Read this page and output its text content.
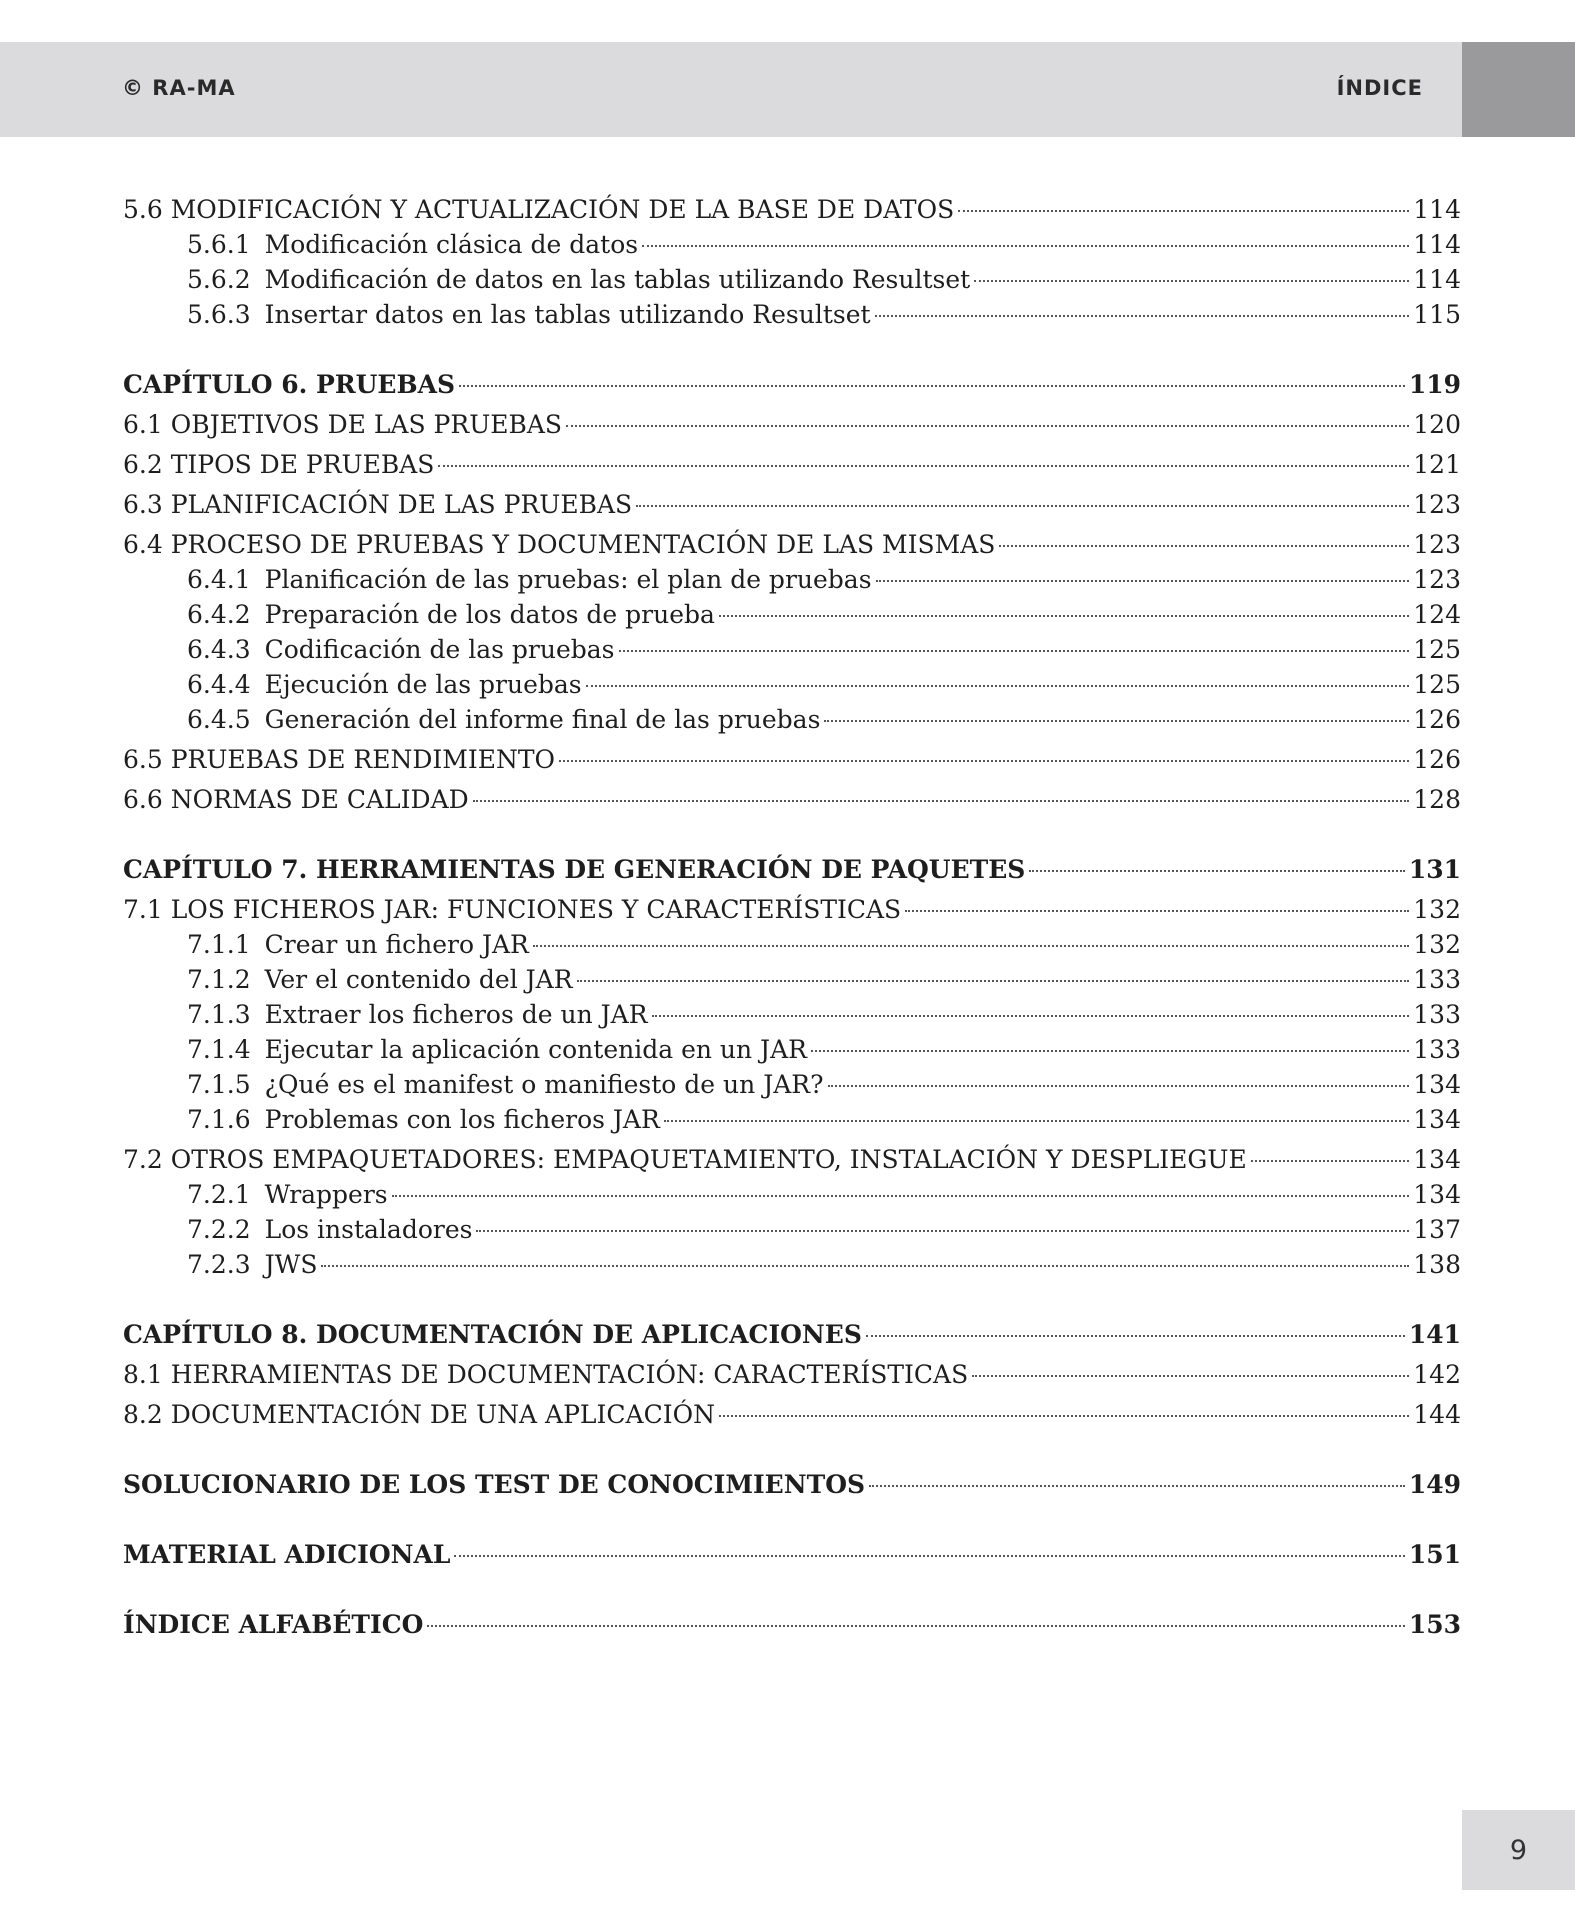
© RA-MA	ÍNDICE
5.6 MODIFICACIÓN Y ACTUALIZACIÓN DE LA BASE DE DATOS	114
5.6.1 Modificación clásica de datos	114
5.6.2 Modificación de datos en las tablas utilizando Resultset	114
5.6.3 Insertar datos en las tablas utilizando Resultset	115
CAPÍTULO 6. PRUEBAS	119
6.1 OBJETIVOS DE LAS PRUEBAS	120
6.2 TIPOS DE PRUEBAS	121
6.3 PLANIFICACIÓN DE LAS PRUEBAS	123
6.4 PROCESO DE PRUEBAS Y DOCUMENTACIÓN DE LAS MISMAS	123
6.4.1 Planificación de las pruebas: el plan de pruebas	123
6.4.2 Preparación de los datos de prueba	124
6.4.3 Codificación de las pruebas	125
6.4.4 Ejecución de las pruebas	125
6.4.5 Generación del informe final de las pruebas	126
6.5 PRUEBAS DE RENDIMIENTO	126
6.6 NORMAS DE CALIDAD	128
CAPÍTULO 7. HERRAMIENTAS DE GENERACIÓN DE PAQUETES	131
7.1 LOS FICHEROS JAR: FUNCIONES Y CARACTERÍSTICAS	132
7.1.1 Crear un fichero JAR	132
7.1.2 Ver el contenido del JAR	133
7.1.3 Extraer los ficheros de un JAR	133
7.1.4 Ejecutar la aplicación contenida en un JAR	133
7.1.5 ¿Qué es el manifest o manifiesto de un JAR?	134
7.1.6 Problemas con los ficheros JAR	134
7.2 OTROS EMPAQUETADORES: EMPAQUETAMIENTO, INSTALACIÓN Y DESPLIEGUE	134
7.2.1 Wrappers	134
7.2.2 Los instaladores	137
7.2.3 JWS	138
CAPÍTULO 8. DOCUMENTACIÓN DE APLICACIONES	141
8.1 HERRAMIENTAS DE DOCUMENTACIÓN: CARACTERÍSTICAS	142
8.2 DOCUMENTACIÓN DE UNA APLICACIÓN	144
SOLUCIONARIO DE LOS TEST DE CONOCIMIENTOS	149
MATERIAL ADICIONAL	151
ÍNDICE ALFABÉTICO	153
9
